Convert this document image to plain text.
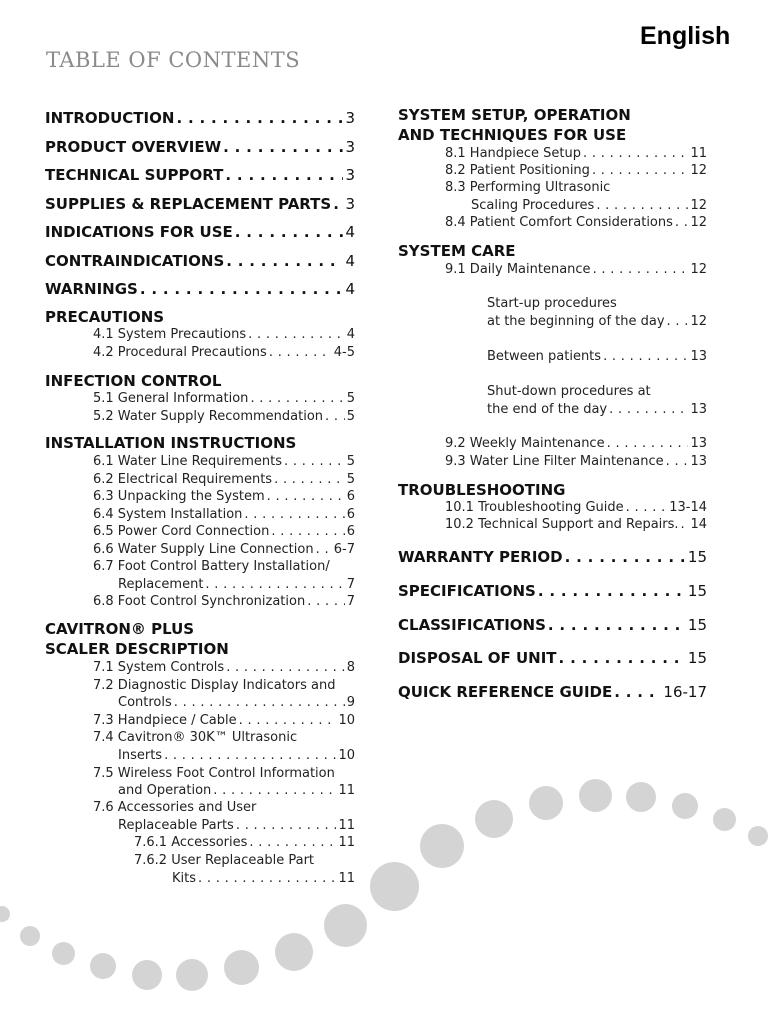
English
TABLE OF CONTENTS
INTRODUCTION . . .	3
PRODUCT OVERVIEW . . .	3
TECHNICAL SUPPORT . . .	3
SUPPLIES & REPLACEMENT PARTS . . . 3
INDICATIONS FOR USE . . .	4
CONTRAINDICATIONS . . .	4
WARNINGS . . .	4
PRECAUTIONS
4.1 System Precautions . . .	4
4.2 Procedural Precautions . . .	4-5
INFECTION CONTROL
5.1 General Information . . .	5
5.2 Water Supply Recommendation . . . 5
INSTALLATION INSTRUCTIONS
6.1 Water Line Requirements . . .	5
6.2 Electrical Requirements . . .	5
6.3 Unpacking the System . . .	6
6.4 System Installation . . .	6
6.5 Power Cord Connection . . .	6
6.6 Water Supply Line Connection . . . 6-7
6.7 Foot Control Battery Installation/
Replacement . . .	7
6.8 Foot Control Synchronization . . .	7
CAVITRON® PLUS
SCALER DESCRIPTION
7.1 System Controls . . .	8
7.2 Diagnostic Display Indicators and
Controls . . .	9
7.3 Handpiece / Cable . . .	10
7.4 Cavitron® 30K™ Ultrasonic
Inserts . . .	10
7.5 Wireless Foot Control Information
and Operation . . .	11
7.6 Accessories and User
Replaceable Parts . . .	11
7.6.1 Accessories . . .	11
7.6.2 User Replaceable Part
Kits . . .	11
SYSTEM SETUP, OPERATION
AND TECHNIQUES FOR USE
8.1 Handpiece Setup . . .	11
8.2 Patient Positioning . . .	12
8.3 Performing Ultrasonic
Scaling Procedures . . .	12
8.4 Patient Comfort Considerations . . . 12
SYSTEM CARE
9.1 Daily Maintenance . . .	12
Start-up procedures
at the beginning of the day . . . 12
Between patients . . .	13
Shut-down procedures at
the end of the day . . .	13
9.2 Weekly Maintenance . . .	13
9.3 Water Line Filter Maintenance . . . 13
TROUBLESHOOTING
10.1 Troubleshooting Guide . . .	13-14
10.2 Technical Support and Repairs. . . . 14
WARRANTY PERIOD . . .	15
SPECIFICATIONS . . .	15
CLASSIFICATIONS . . .	15
DISPOSAL OF UNIT . . .	15
QUICK REFERENCE GUIDE . . .	16-17
